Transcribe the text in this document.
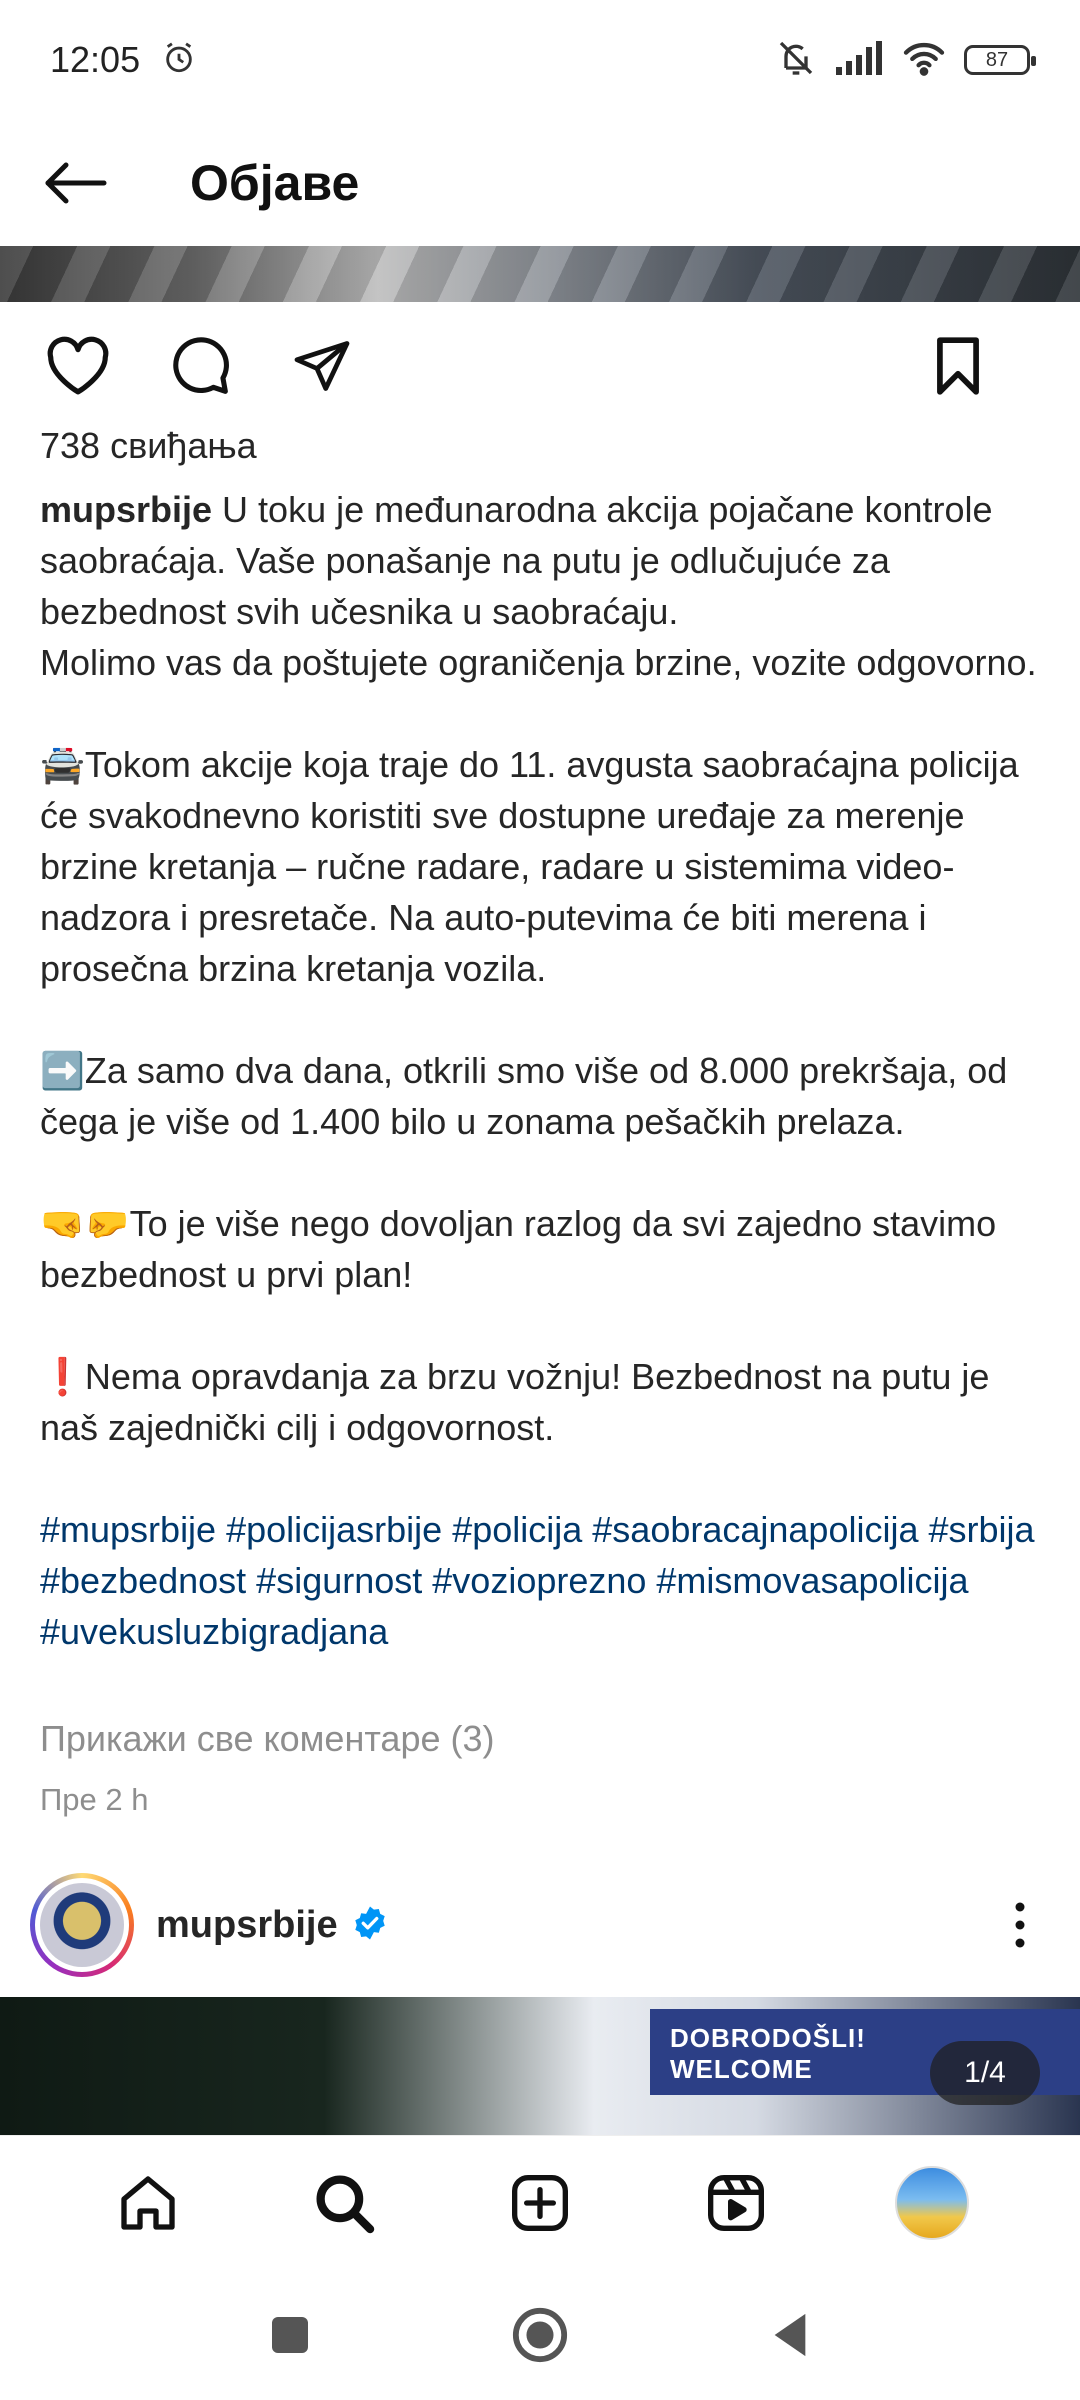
12:05	87
Објаве
738 свиђања
mupsrbije U toku je međunarodna akcija pojačane kontrole saobraćaja. Vaše ponašanje na putu je odlučujuće za bezbednost svih učesnika u saobraćaju.
Molimo vas da poštujete ograničenja brzine, vozite odgovorno.
🚔Tokom akcije koja traje do 11. avgusta saobraćajna policija će svakodnevno koristiti sve dostupne uređaje za merenje brzine kretanja – ručne radare, radare u sistemima video-nadzora i presretače. Na auto-putevima će biti merena i prosečna brzina kretanja vozila.
➡️Za samo dva dana, otkrili smo više od 8.000 prekršaja, od čega je više od 1.400 bilo u zonama pešačkih prelaza.
🤜🤛To je više nego dovoljan razlog da svi zajedno stavimo bezbednost u prvi plan!
❗Nema opravdanja za brzu vožnju! Bezbednost na putu je naš zajednički cilj i odgovornost.
#mupsrbije #policijasrbije #policija #saobracajnapolicija #srbija #bezbednost #sigurnost #vozioprezno #mismovasapolicija #uvekusluzbigradjana
Прикажи све коментаре (3)
Пре 2 h
mupsrbije
DOBRODOŠLI! WELCOME	1/4
